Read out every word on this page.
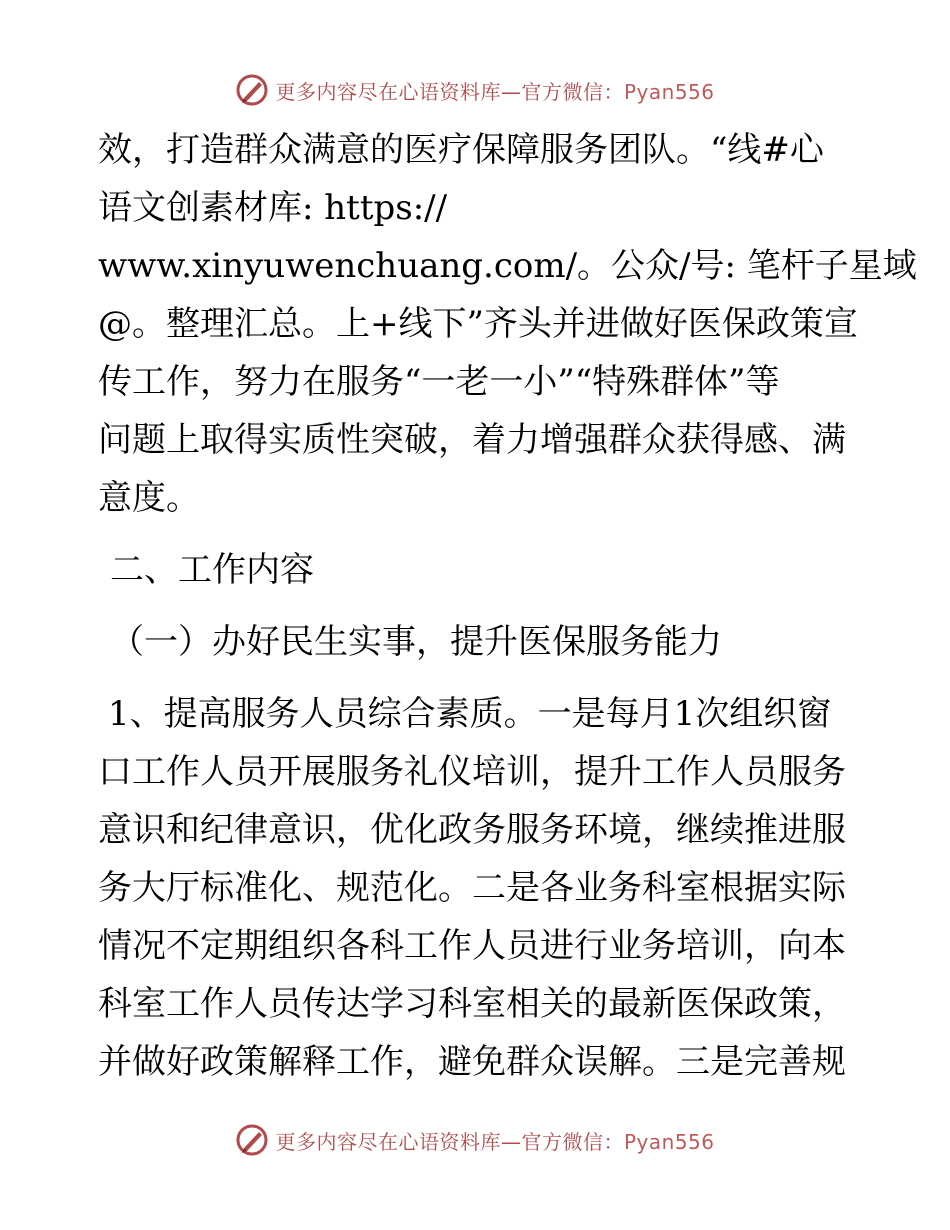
更多内容尽在心语资料库—官方微信：Pyan556
效，打造群众满意的医疗保障服务团队。“线#心
语文创素材库: https://
www.xinyuwenchuang.com/。公众/号: 笔杆子星域
@。整理汇总。上+线下”齐头并进做好医保政策宣
传工作，努力在服务“一老一小”“特殊群体”等
问题上取得实质性突破，着力增强群众获得感、满
意度。
二、工作内容
（一）办好民生实事，提升医保服务能力
1、提高服务人员综合素质。一是每月1次组织窗
口工作人员开展服务礼仪培训，提升工作人员服务
意识和纪律意识，优化政务服务环境，继续推进服
务大厅标准化、规范化。二是各业务科室根据实际
情况不定期组织各科工作人员进行业务培训，向本
科室工作人员传达学习科室相关的最新医保政策，
并做好政策解释工作，避免群众误解。三是完善规
更多内容尽在心语资料库—官方微信：Pyan556
